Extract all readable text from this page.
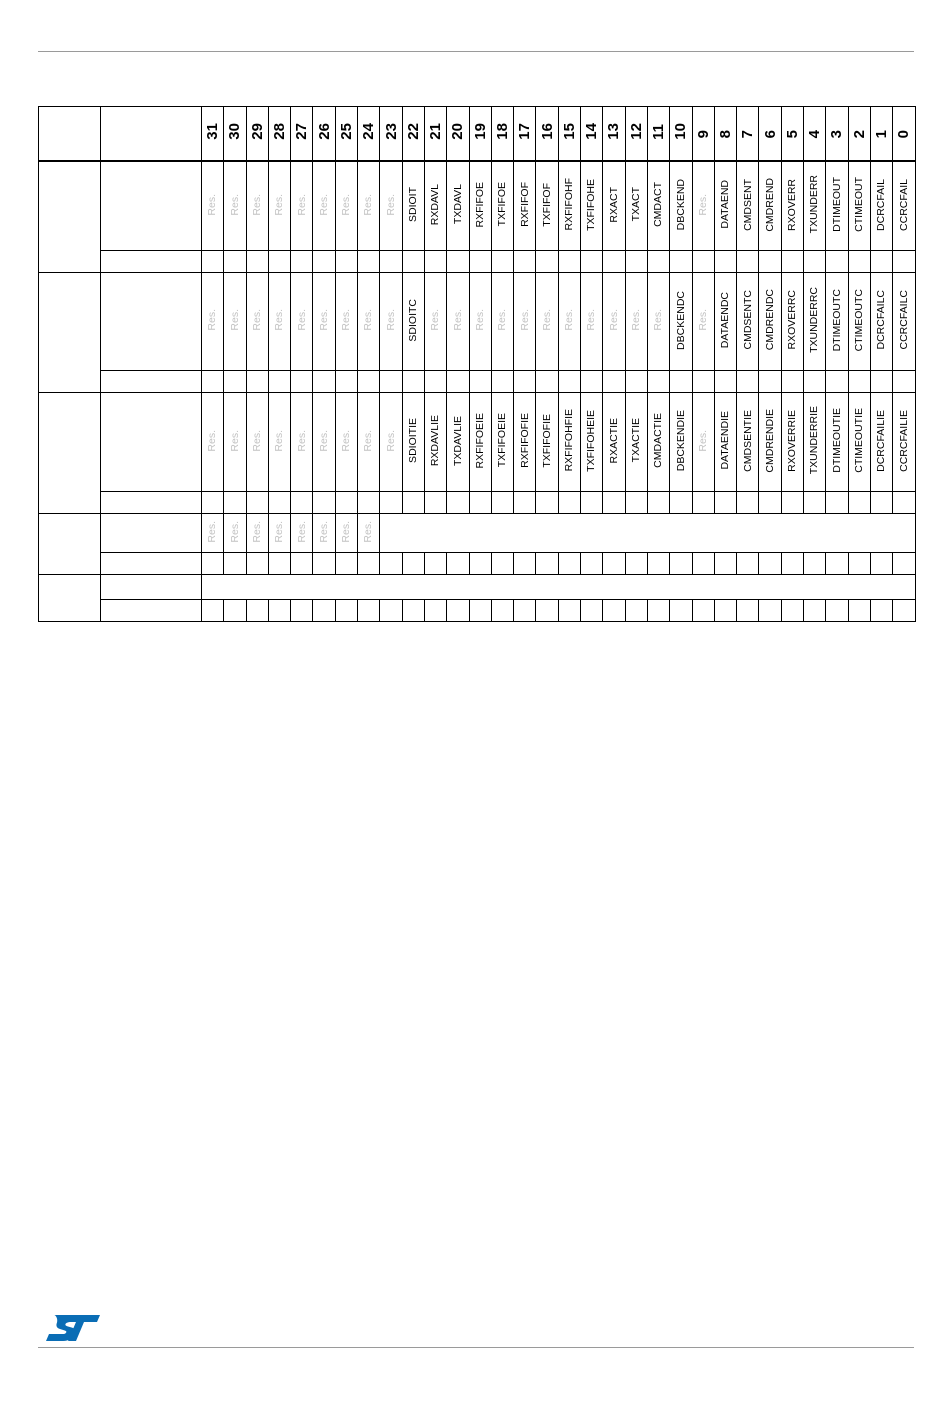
		31	30	29	28	27	26	25	24	23	22	21	20	19	18	17	16	15	14	13	12	11	10	9	8	7	6	5	4	3	2	1	0
		Res.	Res.	Res.	Res.	Res.	Res.	Res.	Res.	Res.	SDIOIT	RXDAVL	TXDAVL	RXFIFOE	TXFIFOE	RXFIFOF	TXFIFOF	RXFIFOHF	TXFIFOHE	RXACT	TXACT	CMDACT	DBCKEND	Res.	DATAEND	CMDSENT	CMDREND	RXOVERR	TXUNDERR	DTIMEOUT	CTIMEOUT	DCRCFAIL	CCRCFAIL

		Res.	Res.	Res.	Res.	Res.	Res.	Res.	Res.	Res.	SDIOITC	Res.	Res.	Res.	Res.	Res.	Res.	Res.	Res.	Res.	Res.	Res.	DBCKENDC	Res.	DATAENDC	CMDSENTC	CMDRENDC	RXOVERRC	TXUNDERRC	DTIMEOUTC	CTIMEOUTC	DCRCFAILC	CCRCFAILC

		Res.	Res.	Res.	Res.	Res.	Res.	Res.	Res.	Res.	SDIOITIE	RXDAVLIE	TXDAVLIE	RXFIFOEIE	TXFIFOEIE	RXFIFOFIE	TXFIFOFIE	RXFIFOHFIE	TXFIFOHEIE	RXACTIE	TXACTIE	CMDACTIE	DBCKENDIE	Res.	DATAENDIE	CMDSENTIE	CMDRENDIE	RXOVERRIE	TXUNDERRIE	DTIMEOUTIE	CTIMEOUTIE	DCRCFAILIE	CCRCFAILIE

		Res.	Res.	Res.	Res.	Res.	Res.	Res.	Res.																								
